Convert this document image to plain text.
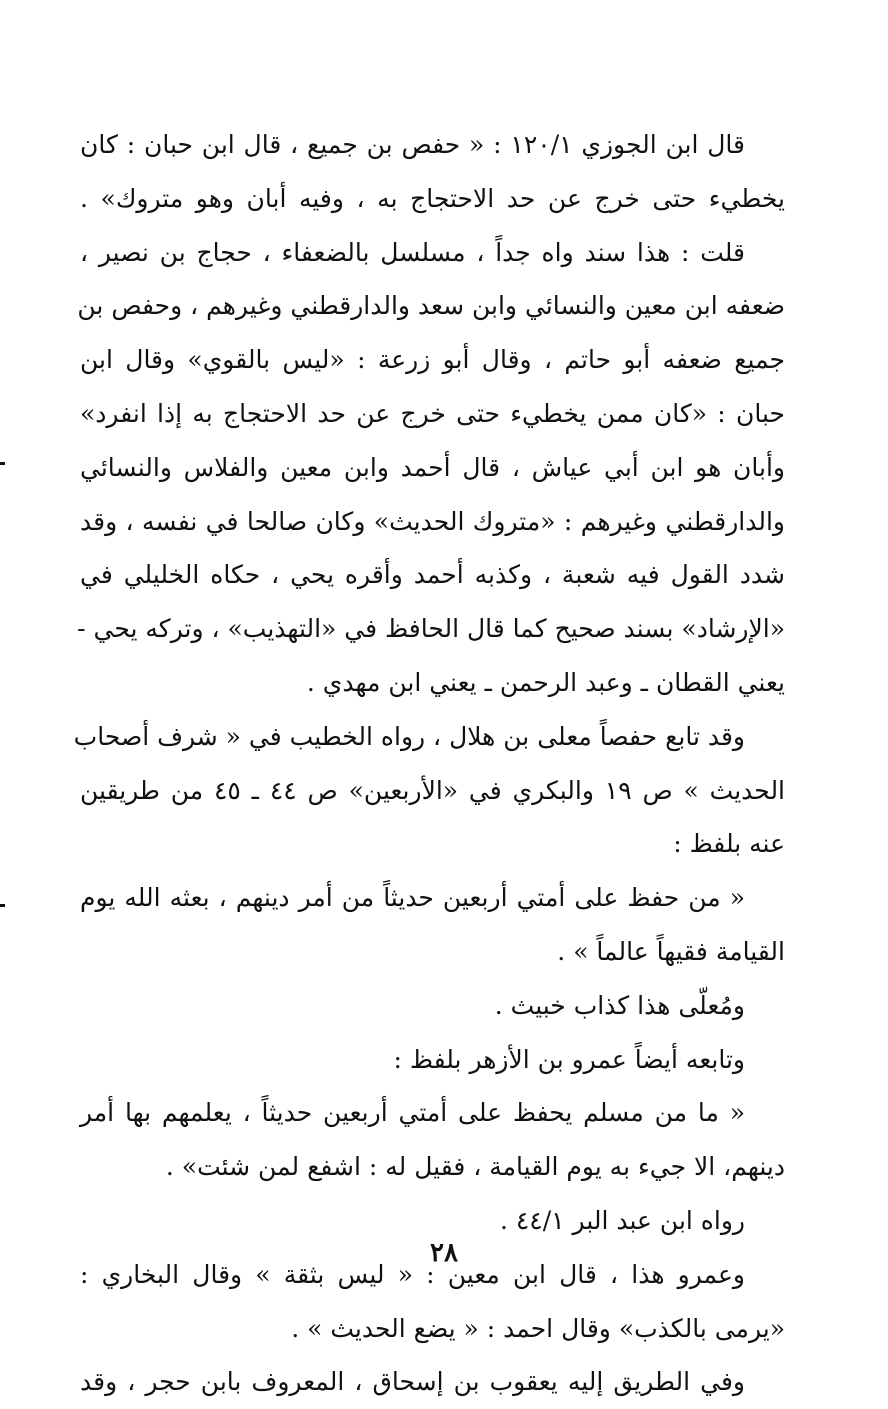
قال ابن الجوزي ١٢٠/١ : « حفص بن جميع ، قال ابن حبان : كان
يخطيء حتى خرج عن حد الاحتجاج به ، وفيه أبان وهو متروك» .
قلت : هذا سند واه جداً ، مسلسل بالضعفاء ، حجاج بن نصير ،
ضعفه ابن معين والنسائي وابن سعد والدارقطني وغيرهم ، وحفص بن
جميع ضعفه أبو حاتم ، وقال أبو زرعة : «ليس بالقوي» وقال ابن
حبان : «كان ممن يخطيء حتى خرج عن حد الاحتجاج به إذا انفرد»
وأبان هو ابن أبي عياش ، قال أحمد وابن معين والفلاس والنسائي
والدارقطني وغيرهم : «متروك الحديث» وكان صالحا في نفسه ، وقد
شدد القول فيه شعبة ، وكذبه أحمد وأقره يحي ، حكاه الخليلي في
«الإرشاد» بسند صحيح كما قال الحافظ في «التهذيب» ، وتركه يحي -
يعني القطان ـ وعبد الرحمن ـ يعني ابن مهدي .
وقد تابع حفصاً معلى بن هلال ، رواه الخطيب في « شرف أصحاب
الحديث » ص ١٩ والبكري في «الأربعين» ص ٤٤ ـ ٤٥ من طريقين
عنه بلفظ :
« من حفظ على أمتي أربعين حديثاً من أمر دينهم ، بعثه الله يوم
القيامة فقيهاً عالماً » .
ومُعلّى هذا كذاب خبيث .
وتابعه أيضاً عمرو بن الأزهر بلفظ :
« ما من مسلم يحفظ على أمتي أربعين حديثاً ، يعلمهم بها أمر
دينهم، الا جيء به يوم القيامة ، فقيل له : اشفع لمن شئت» .
رواه ابن عبد البر ٤٤/١ .
وعمرو هذا ، قال ابن معين : « ليس بثقة » وقال البخاري :
«يرمى بالكذب» وقال احمد : « يضع الحديث » .
وفي الطريق إليه يعقوب بن إسحاق ، المعروف بابن حجر ، وقد
٢٨
